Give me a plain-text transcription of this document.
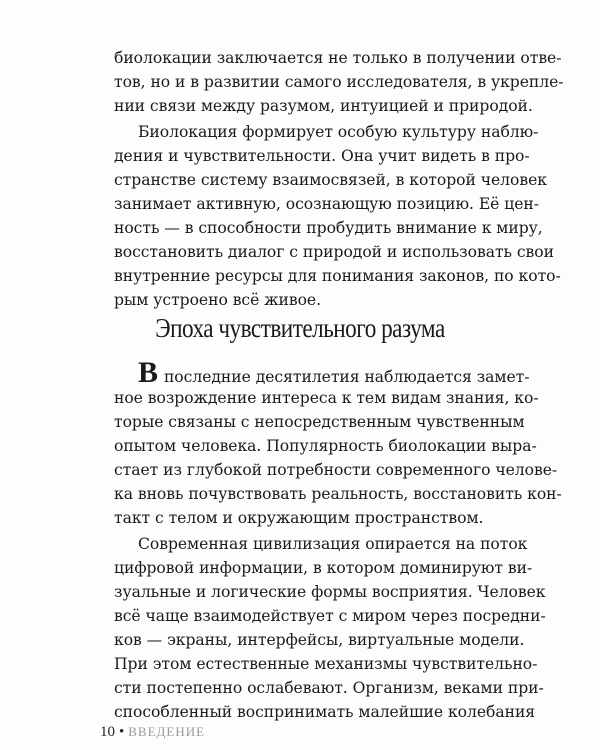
биолокации заключается не только в получении отве-
тов, но и в развитии самого исследователя, в укрепле-
нии связи между разумом, интуицией и природой.
Биолокация формирует особую культуру наблю-
дения и чувствительности. Она учит видеть в про-
странстве систему взаимосвязей, в которой человек
занимает активную, осознающую позицию. Её цен-
ность — в способности пробудить внимание к миру,
восстановить диалог с природой и использовать свои
внутренние ресурсы для понимания законов, по кото-
рым устроено всё живое.
Эпоха чувствительного разума
Впоследние десятилетия наблюдается замет-
ное возрождение интереса к тем видам знания, ко-
торые связаны с непосредственным чувственным
опытом человека. Популярность биолокации выра-
стает из глубокой потребности современного челове-
ка вновь почувствовать реальность, восстановить кон-
такт с телом и окружающим пространством.
Современная цивилизация опирается на поток
цифровой информации, в котором доминируют ви-
зуальные и логические формы восприятия. Человек
всё чаще взаимодействует с миром через посредни-
ков — экраны, интерфейсы, виртуальные модели.
При этом естественные механизмы чувствительно-
сти постепенно ослабевают. Организм, веками при-
способленный воспринимать малейшие колебания
10 • ВВЕДЕНИЕ
